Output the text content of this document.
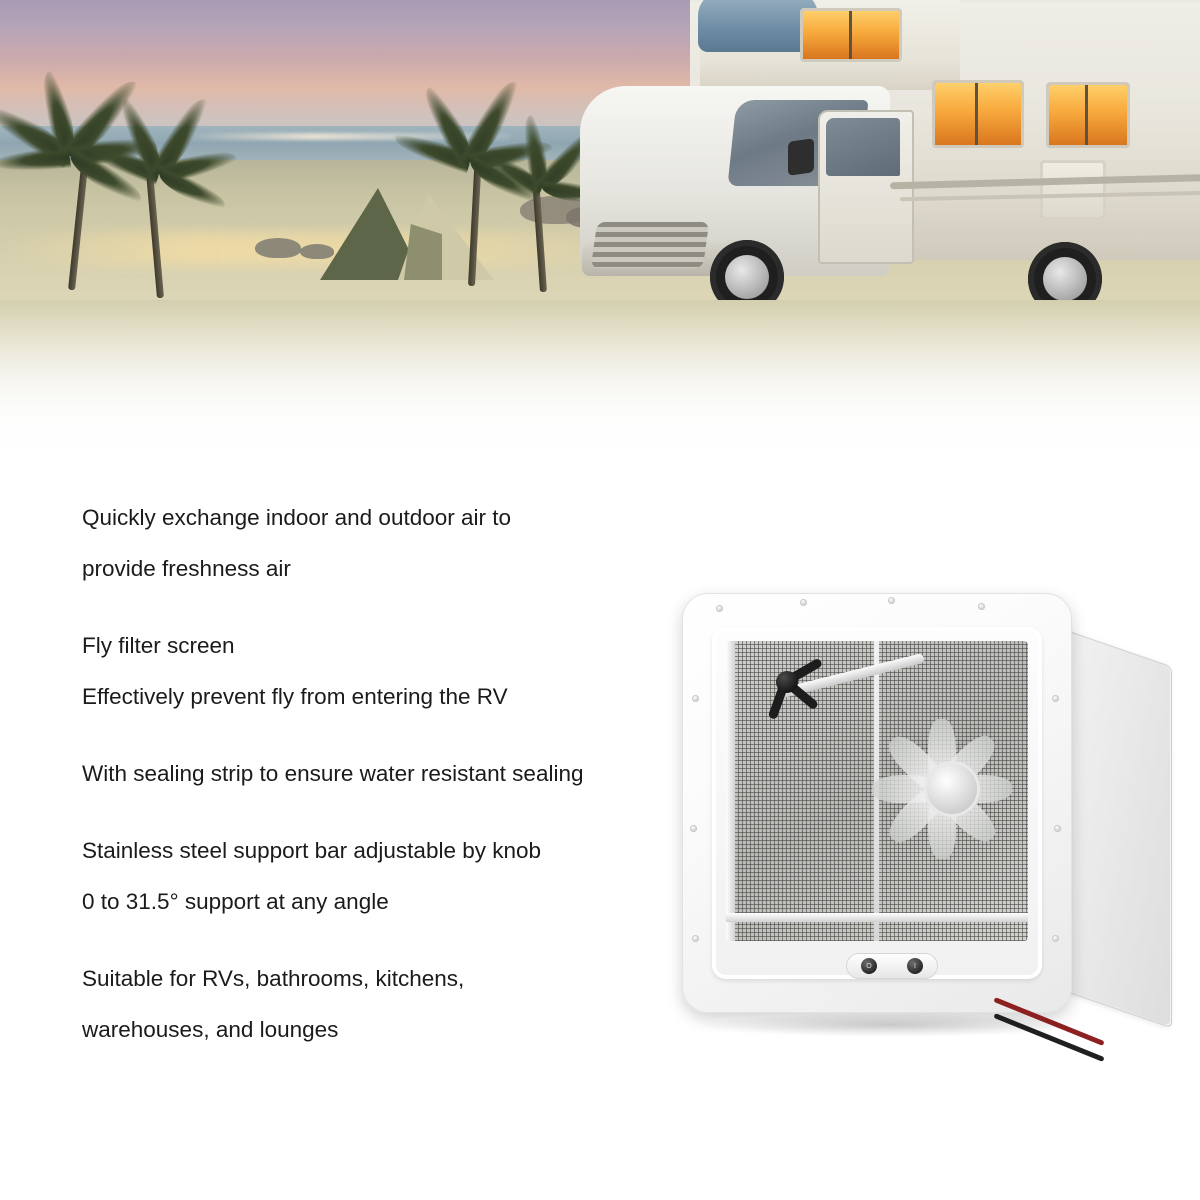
Quickly exchange indoor and outdoor air to

provide freshness air

Fly filter screen

Effectively prevent fly from entering the RV

With sealing strip to ensure water resistant sealing

Stainless steel support bar adjustable by knob

0 to 31.5° support at any angle

Suitable for RVs, bathrooms, kitchens,

warehouses, and lounges

O	I
